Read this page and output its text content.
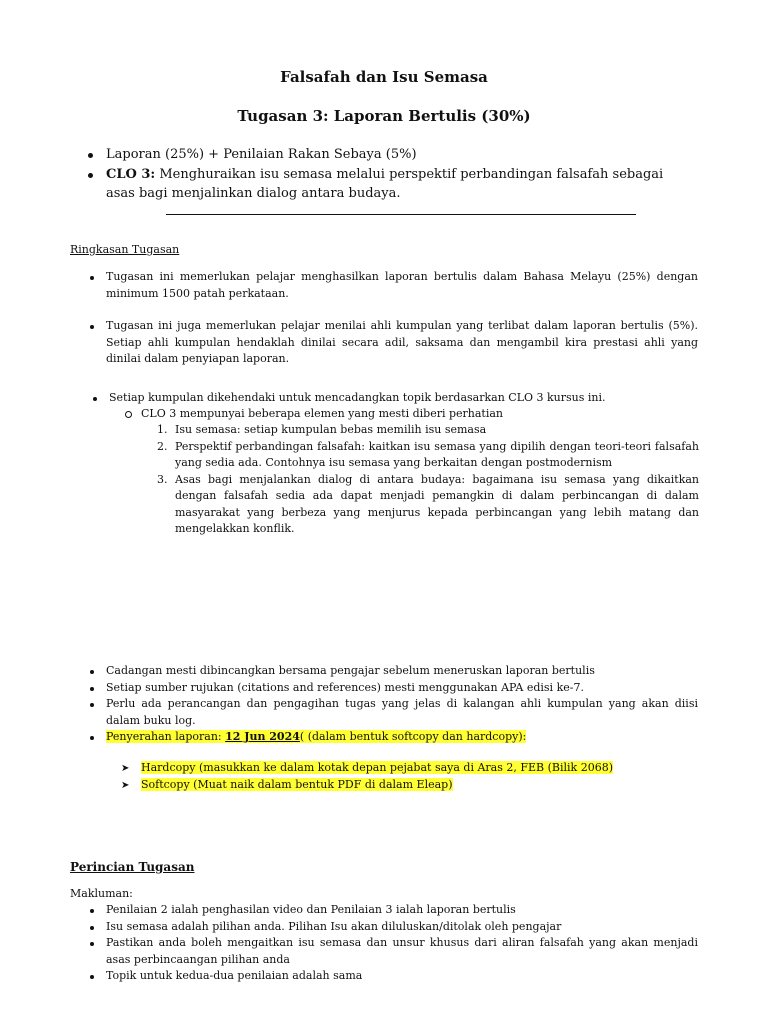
Falsafah dan Isu Semasa
Tugasan 3: Laporan Bertulis (30%)
Laporan (25%) + Penilaian Rakan Sebaya (5%)
CLO 3: Menghuraikan isu semasa melalui perspektif perbandingan falsafah sebagai asas bagi menjalinkan dialog antara budaya.
Ringkasan Tugasan
Tugasan ini memerlukan pelajar menghasilkan laporan bertulis dalam Bahasa Melayu (25%) dengan minimum 1500 patah perkataan.
Tugasan ini juga memerlukan pelajar menilai ahli kumpulan yang terlibat dalam laporan bertulis (5%). Setiap ahli kumpulan hendaklah dinilai secara adil, saksama dan mengambil kira prestasi ahli yang dinilai dalam penyiapan laporan.
Setiap kumpulan dikehendaki untuk mencadangkan topik berdasarkan CLO 3 kursus ini.
CLO 3 mempunyai beberapa elemen yang mesti diberi perhatian
1. Isu semasa: setiap kumpulan bebas memilih isu semasa
2. Perspektif perbandingan falsafah: kaitkan isu semasa yang dipilih dengan teori-teori falsafah yang sedia ada. Contohnya isu semasa yang berkaitan dengan postmodernism
3. Asas bagi menjalankan dialog di antara budaya: bagaimana isu semasa yang dikaitkan dengan falsafah sedia ada dapat menjadi pemangkin di dalam perbincangan di dalam masyarakat yang berbeza yang menjurus kepada perbincangan yang lebih matang dan mengelakkan konflik.
Cadangan mesti dibincangkan bersama pengajar sebelum meneruskan laporan bertulis
Setiap sumber rujukan (citations and references) mesti menggunakan APA edisi ke-7.
Perlu ada perancangan dan pengagihan tugas yang jelas di kalangan ahli kumpulan yang akan diisi dalam buku log.
Penyerahan laporan: 12 Jun 2024( (dalam bentuk softcopy dan hardcopy):
➤ Hardcopy (masukkan ke dalam kotak depan pejabat saya di Aras 2, FEB (Bilik 2068)
➤ Softcopy (Muat naik dalam bentuk PDF di dalam Eleap)
Perincian Tugasan
Makluman:
Penilaian 2 ialah penghasilan video dan Penilaian 3 ialah laporan bertulis
Isu semasa adalah pilihan anda. Pilihan Isu akan diluluskan/ditolak oleh pengajar
Pastikan anda boleh mengaitkan isu semasa dan unsur khusus dari aliran falsafah yang akan menjadi asas perbincaangan pilihan anda
Topik untuk kedua-dua penilaian adalah sama
